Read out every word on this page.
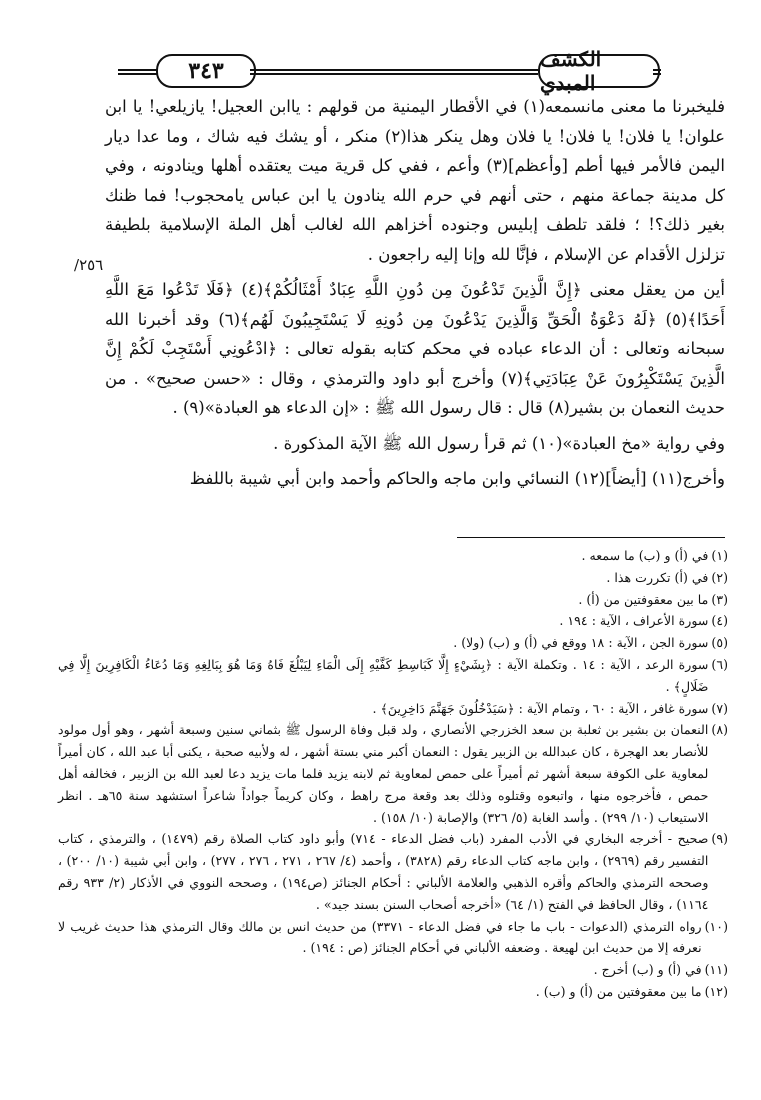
٣٤٣	الكشف المبدي
٢٥٦/

فليخبرنا ما معنى مانسمعه(١) في الأقطار اليمنية من قولهم : ياابن العجيل! يازيلعي! يا ابن علوان! يا فلان! يا فلان! يا فلان وهل ينكر هذا(٢) منكر ، أو يشك فيه شاك ، وما عدا ديار اليمن فالأمر فيها أطم [وأعظم](٣) وأعم ، ففي كل قرية ميت يعتقده أهلها وينادونه ، وفي كل مدينة جماعة منهم ، حتى أنهم في حرم الله ينادون يا ابن عباس يامحجوب! فما ظنك بغير ذلك؟! ؛ فلقد تلطف إبليس وجنوده أخزاهم الله لغالب أهل الملة الإسلامية بلطيفة تزلزل الأقدام عن الإسلام ، فإنَّا لله وإنا إليه راجعون .

أين من يعقل معنى ﴿إِنَّ الَّذِينَ تَدْعُونَ مِن دُونِ اللَّهِ عِبَادٌ أَمْثَالُكُمْ﴾(٤) ﴿فَلَا تَدْعُوا مَعَ اللَّهِ أَحَدًا﴾(٥) ﴿لَهُ دَعْوَةُ الْحَقِّ وَالَّذِينَ يَدْعُونَ مِن دُونِهِ لَا يَسْتَجِيبُونَ لَهُم﴾(٦) وقد أخبرنا الله سبحانه وتعالى : أن الدعاء عباده في محكم كتابه بقوله تعالى : ﴿ادْعُونِي أَسْتَجِبْ لَكُمْ إِنَّ الَّذِينَ يَسْتَكْبِرُونَ عَنْ عِبَادَتِي﴾(٧) وأخرج أبو داود والترمذي ، وقال : «حسن صحيح» . من حديث النعمان بن بشير(٨) قال : قال رسول الله ﷺ : «إن الدعاء هو العبادة»(٩) .

وفي رواية «مخ العبادة»(١٠) ثم قرأ رسول الله ﷺ الآية المذكورة .

وأخرج(١١) [أيضاً](١٢) النسائي وابن ماجه والحاكم وأحمد وابن أبي شيبة باللفظ

(١)
في (أ) و (ب) ما سمعه .
(٢)
في (أ) تكررت هذا .
(٣)
ما بين معقوفتين من (أ) .
(٤)
سورة الأعراف ، الآية : ١٩٤ .
(٥)
سورة الجن ، الآية : ١٨ ووقع في (أ) و (ب) (ولا) .
(٦)
سورة الرعد ، الآية : ١٤ . وتكملة الآية : ﴿بِشَيْءٍ إِلَّا كَبَاسِطِ كَفَّيْهِ إِلَى الْمَاءِ لِيَبْلُغَ فَاهُ وَمَا هُوَ بِبَالِغِهِ وَمَا دُعَاءُ الْكَافِرِينَ إِلَّا فِي ضَلَالٍ﴾ .
(٧)
سورة غافر ، الآية : ٦٠ ، وتمام الآية : ﴿سَيَدْخُلُونَ جَهَنَّمَ دَاخِرِينَ﴾ .
(٨)
النعمان بن بشير بن ثعلبة بن سعد الخزرجي الأنصاري ، ولد قبل وفاة الرسول ﷺ بثماني سنين وسبعة أشهر ، وهو أول مولود للأنصار بعد الهجرة ، كان عبدالله بن الزبير يقول : النعمان أكبر مني بستة أشهر ، له ولأبيه صحبة ، يكنى أبا عبد الله ، كان أميراً لمعاوية على الكوفة سبعة أشهر ثم أميراً على حمص لمعاوية ثم لابنه يزيد فلما مات يزيد دعا لعبد الله بن الزبير ، فخالفه أهل حمص ، فأخرجوه منها ، واتبعوه وقتلوه وذلك بعد وقعة مرج راهط ، وكان كريماً جواداً شاعراً استشهد سنة ٦٥هـ . انظر الاستيعاب (١٠/ ٢٩٩) . وأسد الغابة (٥/ ٣٢٦) والإصابة (١٠/ ١٥٨) .
(٩)
صحيح - أخرجه البخاري في الأدب المفرد (باب فضل الدعاء - ٧١٤) وأبو داود كتاب الصلاة رقم (١٤٧٩) ، والترمذي ، كتاب التفسير رقم (٢٩٦٩) ، وابن ماجه كتاب الدعاء رقم (٣٨٢٨) ، وأحمد (٤/ ٢٦٧ ، ٢٧١ ، ٢٧٦ ، ٢٧٧) ، وابن أبي شيبة (١٠/ ٢٠٠) ، وصححه الترمذي والحاكم وأقره الذهبي والعلامة الألباني : أحكام الجنائز (ص١٩٤) ، وصححه النووي في الأذكار (٢/ ٩٣٣ رقم ١١٦٤) ، وقال الحافظ في الفتح (١/ ٦٤) «أخرجه أصحاب السنن بسند جيد» .
(١٠)
رواه الترمذي (الدعوات - باب ما جاء في فضل الدعاء - ٣٣٧١) من حديث انس بن مالك وقال الترمذي هذا حديث غريب لا نعرفه إلا من حديث ابن لهيعة . وضعفه الألباني في أحكام الجنائز (ص : ١٩٤) .
(١١)
في (أ) و (ب) أخرج .
(١٢)
ما بين معقوفتين من (أ) و (ب) .
